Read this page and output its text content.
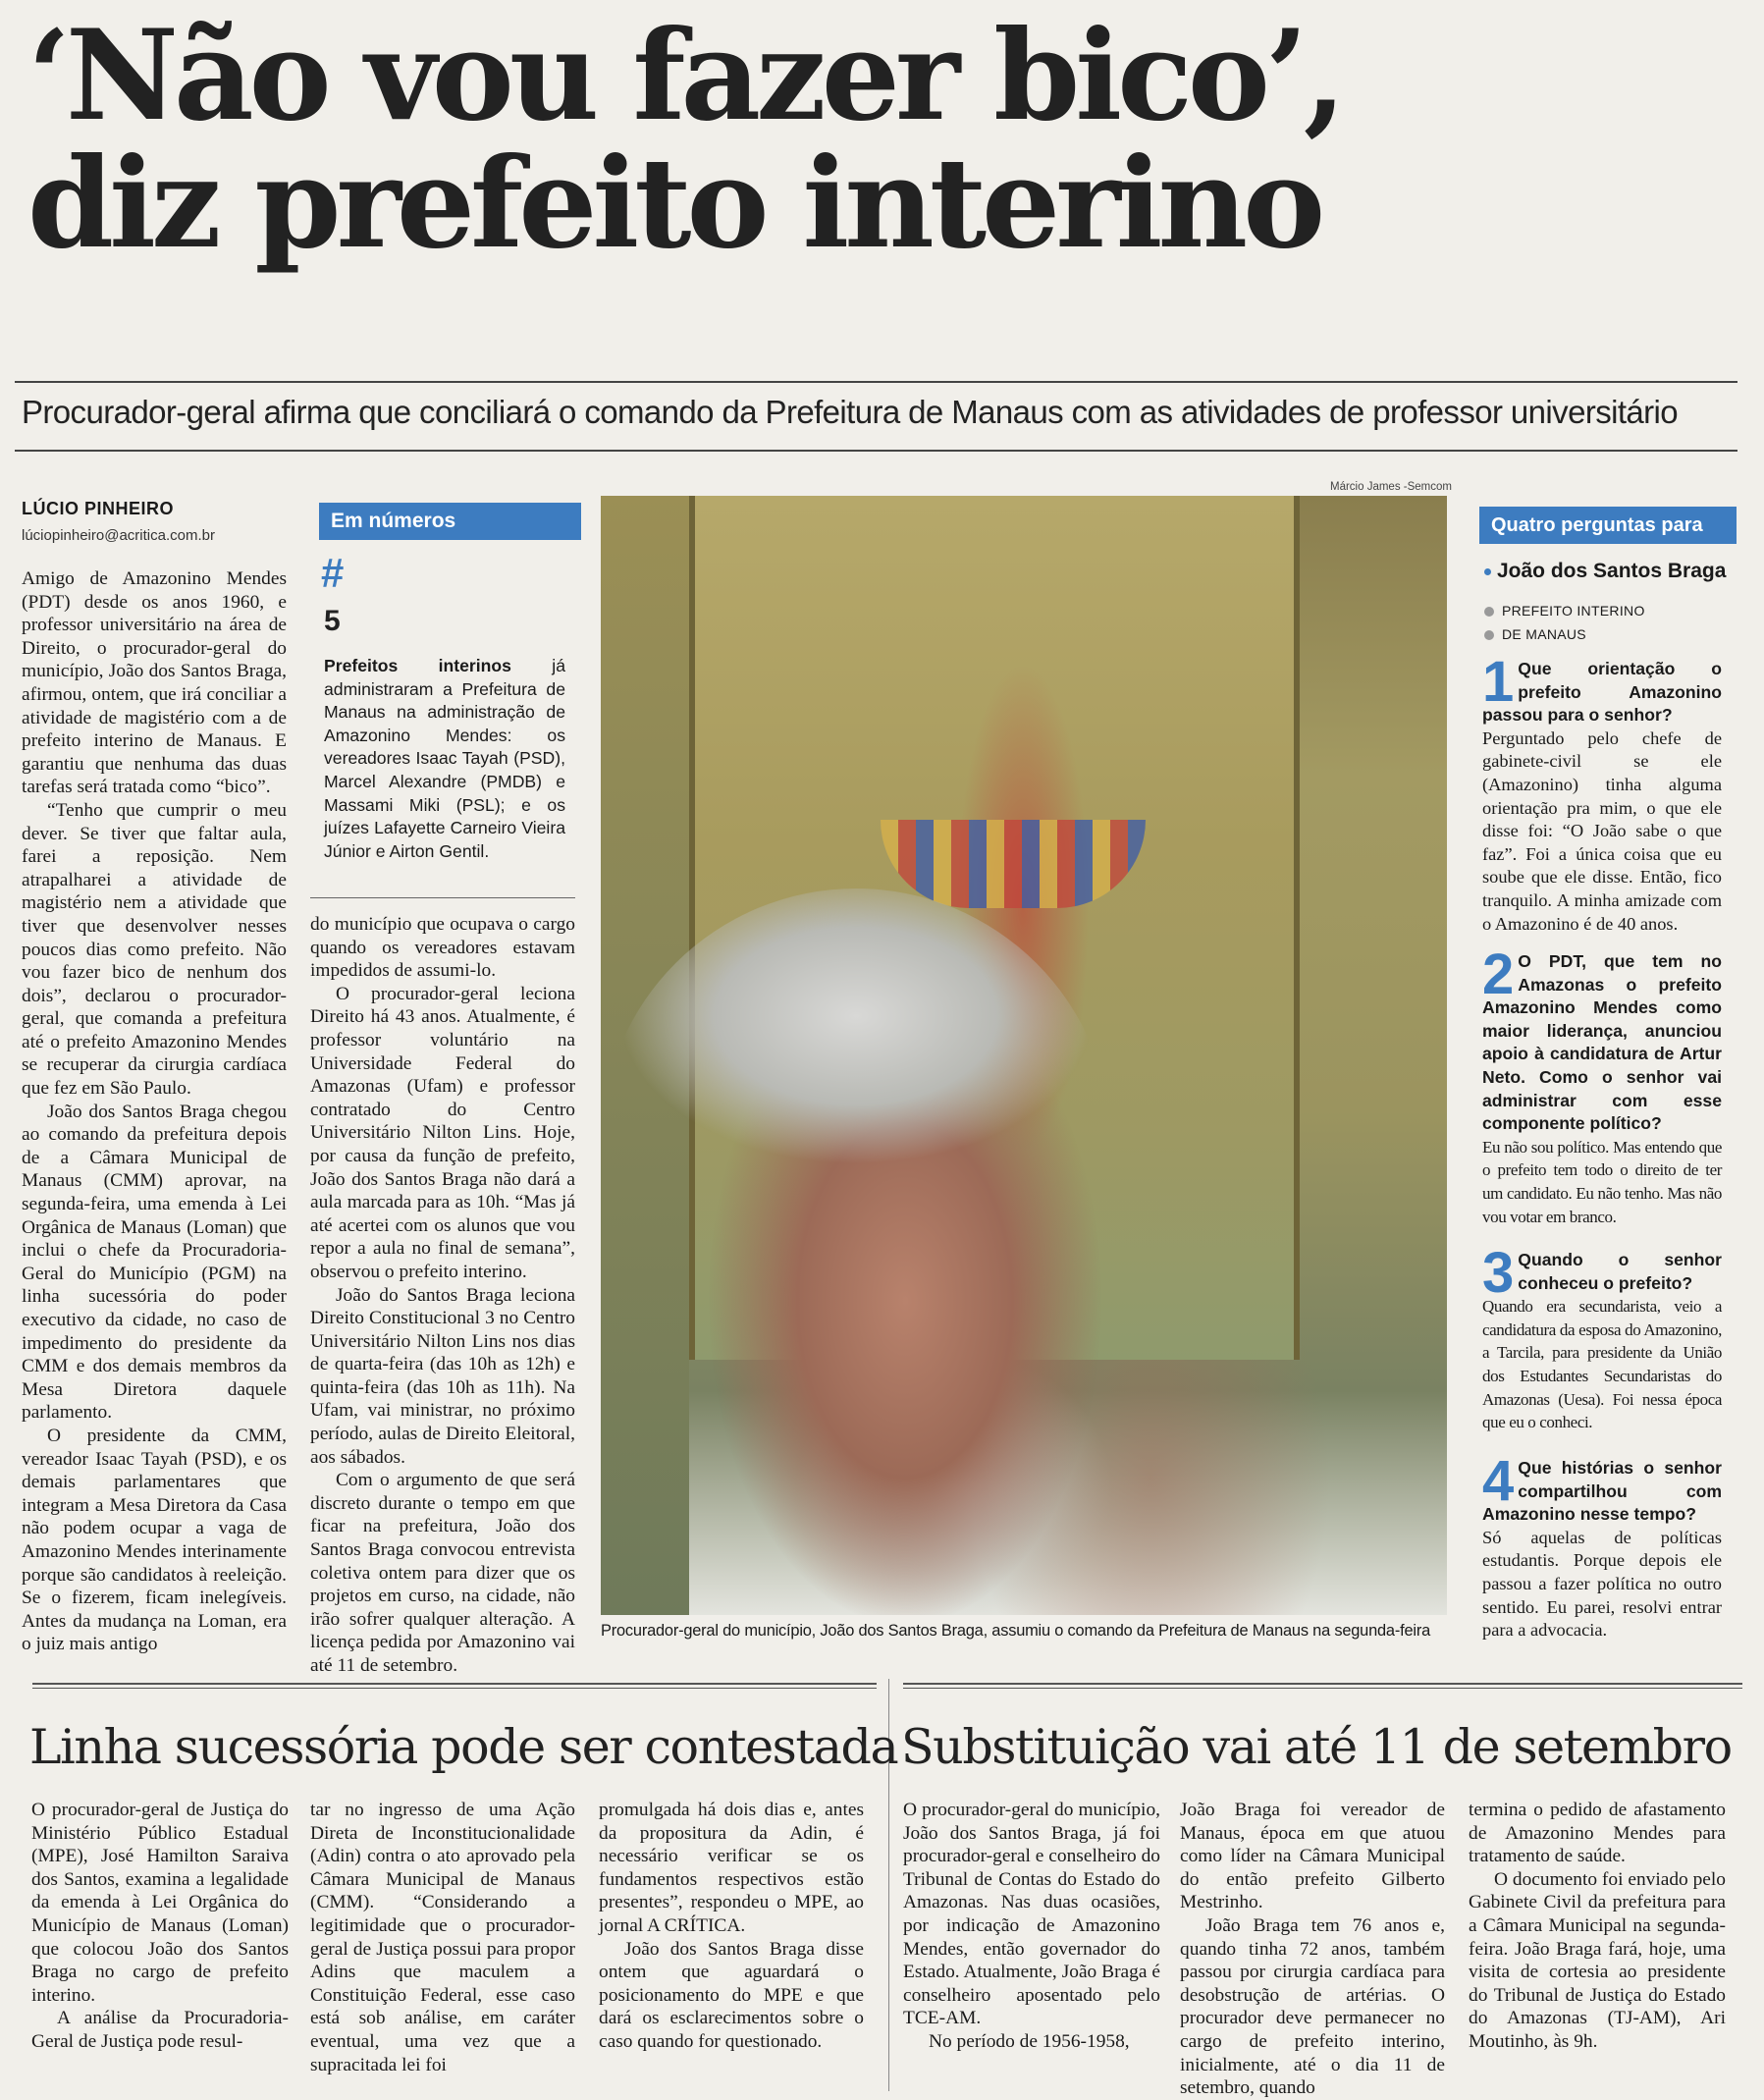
‘Não vou fazer bico’,
diz prefeito interino
Procurador-geral afirma que conciliará o comando da Prefeitura de Manaus com as atividades de professor universitário
LÚCIO PINHEIRO
lúciopinheiro@acritica.com.br

Amigo de Amazonino Mendes (PDT) desde os anos 1960, e professor universitário na área de Direito, o procurador-geral do município, João dos Santos Braga, afirmou, ontem, que irá conciliar a atividade de magistério com a de prefeito interino de Manaus. E garantiu que nenhuma das duas tarefas será tratada como “bico”.

“Tenho que cumprir o meu dever. Se tiver que faltar aula, farei a reposição. Nem atrapalharei a atividade de magistério nem a atividade que tiver que desenvolver nesses poucos dias como prefeito. Não vou fazer bico de nenhum dos dois”, declarou o procurador-geral, que comanda a prefeitura até o prefeito Amazonino Mendes se recuperar da cirurgia cardíaca que fez em São Paulo.

João dos Santos Braga chegou ao comando da prefeitura depois de a Câmara Municipal de Manaus (CMM) aprovar, na segunda-feira, uma emenda à Lei Orgânica de Manaus (Loman) que inclui o chefe da Procuradoria-Geral do Município (PGM) na linha sucessória do poder executivo da cidade, no caso de impedimento do presidente da CMM e dos demais membros da Mesa Diretora daquele parlamento.

O presidente da CMM, vereador Isaac Tayah (PSD), e os demais parlamentares que integram a Mesa Diretora da Casa não podem ocupar a vaga de Amazonino Mendes interinamente porque são candidatos à reeleição. Se o fizerem, ficam inelegíveis. Antes da mudança na Loman, era o juiz mais antigo

Em números
#
5
Prefeitos interinos já administraram a Prefeitura de Manaus na administração de Amazonino Mendes: os vereadores Isaac Tayah (PSD), Marcel Alexandre (PMDB) e Massami Miki (PSL); e os juízes Lafayette Carneiro Vieira Júnior e Airton Gentil.

do município que ocupava o cargo quando os vereadores estavam impedidos de assumi-lo.

O procurador-geral leciona Direito há 43 anos. Atualmente, é professor voluntário na Universidade Federal do Amazonas (Ufam) e professor contratado do Centro Universitário Nilton Lins. Hoje, por causa da função de prefeito, João dos Santos Braga não dará a aula marcada para as 10h. “Mas já até acertei com os alunos que vou repor a aula no final de semana”, observou o prefeito interino.

João do Santos Braga leciona Direito Constitucional 3 no Centro Universitário Nilton Lins nos dias de quarta-feira (das 10h as 12h) e quinta-feira (das 10h as 11h). Na Ufam, vai ministrar, no próximo período, aulas de Direito Eleitoral, aos sábados.

Com o argumento de que será discreto durante o tempo em que ficar na prefeitura, João dos Santos Braga convocou entrevista coletiva ontem para dizer que os projetos em curso, na cidade, não irão sofrer qualquer alteração. A licença pedida por Amazonino vai até 11 de setembro.

Márcio James -Semcom
Procurador-geral do município, João dos Santos Braga, assumiu o comando da Prefeitura de Manaus na segunda-feira
Quatro perguntas para
João dos Santos Braga
PREFEITO INTERINO
DE MANAUS
1 Que orientação o prefeito Amazonino passou para o senhor?

Perguntado pelo chefe de gabinete-civil se ele (Amazonino) tinha alguma orientação pra mim, o que ele disse foi: “O João sabe o que faz”. Foi a única coisa que eu soube que ele disse. Então, fico tranquilo. A minha amizade com o Amazonino é de 40 anos.

2 O PDT, que tem no Amazonas o prefeito Amazonino Mendes como maior liderança, anunciou apoio à candidatura de Artur Neto. Como o senhor vai administrar com esse componente político?

Eu não sou político. Mas entendo que o prefeito tem todo o direito de ter um candidato. Eu não tenho. Mas não vou votar em branco.

3 Quando o senhor conheceu o prefeito?

Quando era secundarista, veio a candidatura da esposa do Amazonino, a Tarcila, para presidente da União dos Estudantes Secundaristas do Amazonas (Uesa). Foi nessa época que eu o conheci.

4 Que histórias o senhor compartilhou com Amazonino nesse tempo?

Só aquelas de políticas estudantis. Porque depois ele passou a fazer política no outro sentido. Eu parei, resolvi entrar para a advocacia.

Linha sucessória pode ser contestada Substituição vai até 11 de setembro

O procurador-geral de Justiça do Ministério Público Estadual (MPE), José Hamilton Saraiva dos Santos, examina a legalidade da emenda à Lei Orgânica do Município de Manaus (Loman) que colocou João dos Santos Braga no cargo de prefeito interino.

A análise da Procuradoria-Geral de Justiça pode resul-

tar no ingresso de uma Ação Direta de Inconstitucionalidade (Adin) contra o ato aprovado pela Câmara Municipal de Manaus (CMM). “Considerando a legitimidade que o procurador-geral de Justiça possui para propor Adins que maculem a Constituição Federal, esse caso está sob análise, em caráter eventual, uma vez que a supracitada lei foi

promulgada há dois dias e, antes da propositura da Adin, é necessário verificar se os fundamentos respectivos estão presentes”, respondeu o MPE, ao jornal A CRÍTICA.

João dos Santos Braga disse ontem que aguardará o posicionamento do MPE e que dará os esclarecimentos sobre o caso quando for questionado.

O procurador-geral do município, João dos Santos Braga, já foi procurador-geral e conselheiro do Tribunal de Contas do Estado do Amazonas. Nas duas ocasiões, por indicação de Amazonino Mendes, então governador do Estado. Atualmente, João Braga é conselheiro aposentado pelo TCE-AM.

No período de 1956-1958,

João Braga foi vereador de Manaus, época em que atuou como líder na Câmara Municipal do então prefeito Gilberto Mestrinho.

João Braga tem 76 anos e, quando tinha 72 anos, também passou por cirurgia cardíaca para desobstrução de artérias. O procurador deve permanecer no cargo de prefeito interino, inicialmente, até o dia 11 de setembro, quando

termina o pedido de afastamento de Amazonino Mendes para tratamento de saúde.

O documento foi enviado pelo Gabinete Civil da prefeitura para a Câmara Municipal na segunda-feira. João Braga fará, hoje, uma visita de cortesia ao presidente do Tribunal de Justiça do Estado do Amazonas (TJ-AM), Ari Moutinho, às 9h.
